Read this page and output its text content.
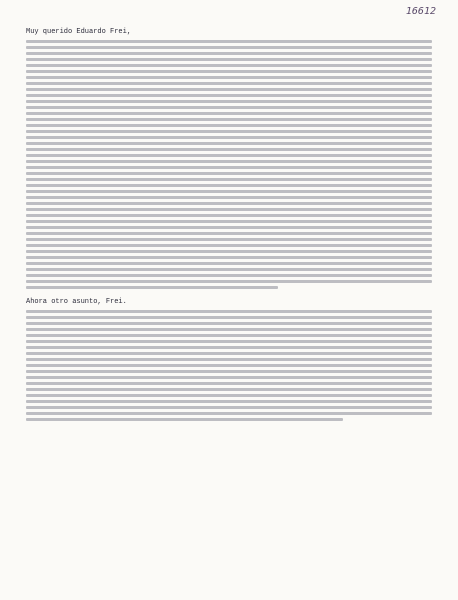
16612
Muy querido Eduardo Frei,
Ahora otro asunto, Frei.
